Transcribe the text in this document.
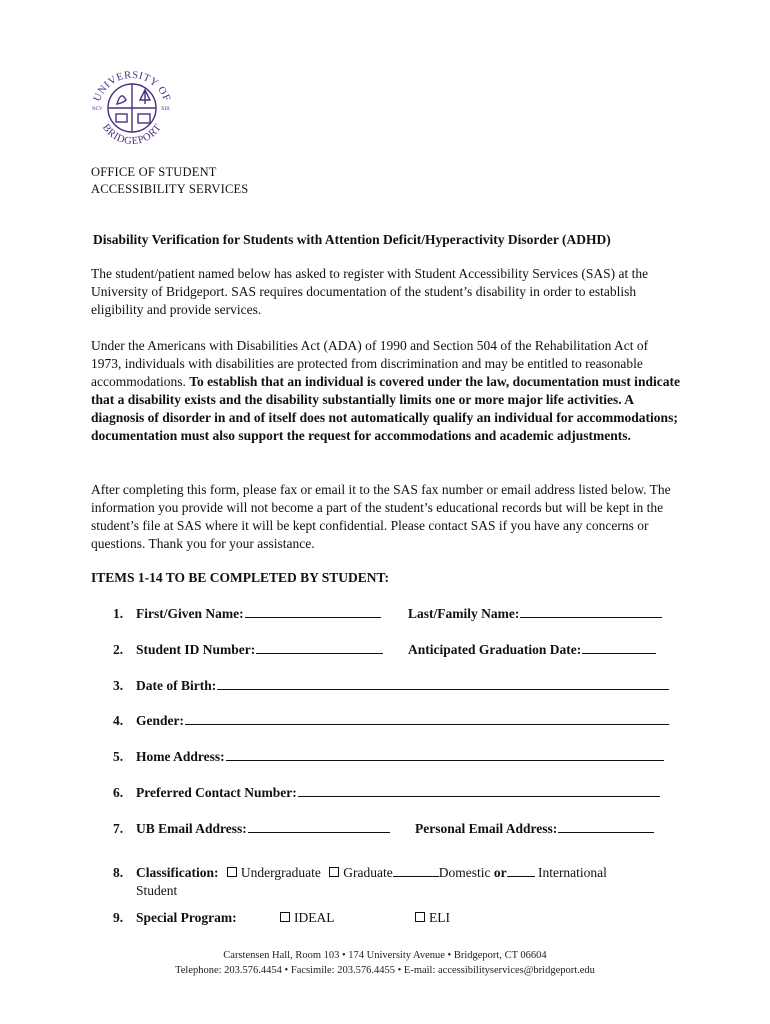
UNIVERSITY OF
BRIDGEPORT
NCV	XIII
OFFICE OF STUDENT
ACCESSIBILITY SERVICES
Disability Verification for Students with Attention Deficit/Hyperactivity Disorder (ADHD)

The student/patient named below has asked to register with Student Accessibility Services (SAS) at the University of Bridgeport. SAS requires documentation of the student’s disability in order to establish eligibility and provide services.

Under the Americans with Disabilities Act (ADA) of 1990 and Section 504 of the Rehabilitation Act of 1973, individuals with disabilities are protected from discrimination and may be entitled to reasonable accommodations. To establish that an individual is covered under the law, documentation must indicate that a disability exists and the disability substantially limits one or more major life activities. A diagnosis of disorder in and of itself does not automatically qualify an individual for accommodations; documentation must also support the request for accommodations and academic adjustments.

After completing this form, please fax or email it to the SAS fax number or email address listed below. The information you provide will not become a part of the student’s educational records but will be kept in the student’s file at SAS where it will be kept confidential. Please contact SAS if you have any concerns or questions. Thank you for your assistance.

ITEMS 1-14 TO BE COMPLETED BY STUDENT:
1. First/Given Name:	Last/Family Name:
2. Student ID Number:	Anticipated Graduation Date:
3. Date of Birth:
4. Gender:
5. Home Address:
6. Preferred Contact Number:
7. UB Email Address:	Personal Email Address:
8. Classification: Undergraduate Graduate	Domestic or International
Student
9. Special Program:	IDEAL	ELI
Carstensen Hall, Room 103 • 174 University Avenue • Bridgeport, CT 06604
Telephone: 203.576.4454 • Facsimile: 203.576.4455 • E-mail: accessibilityservices@bridgeport.edu
